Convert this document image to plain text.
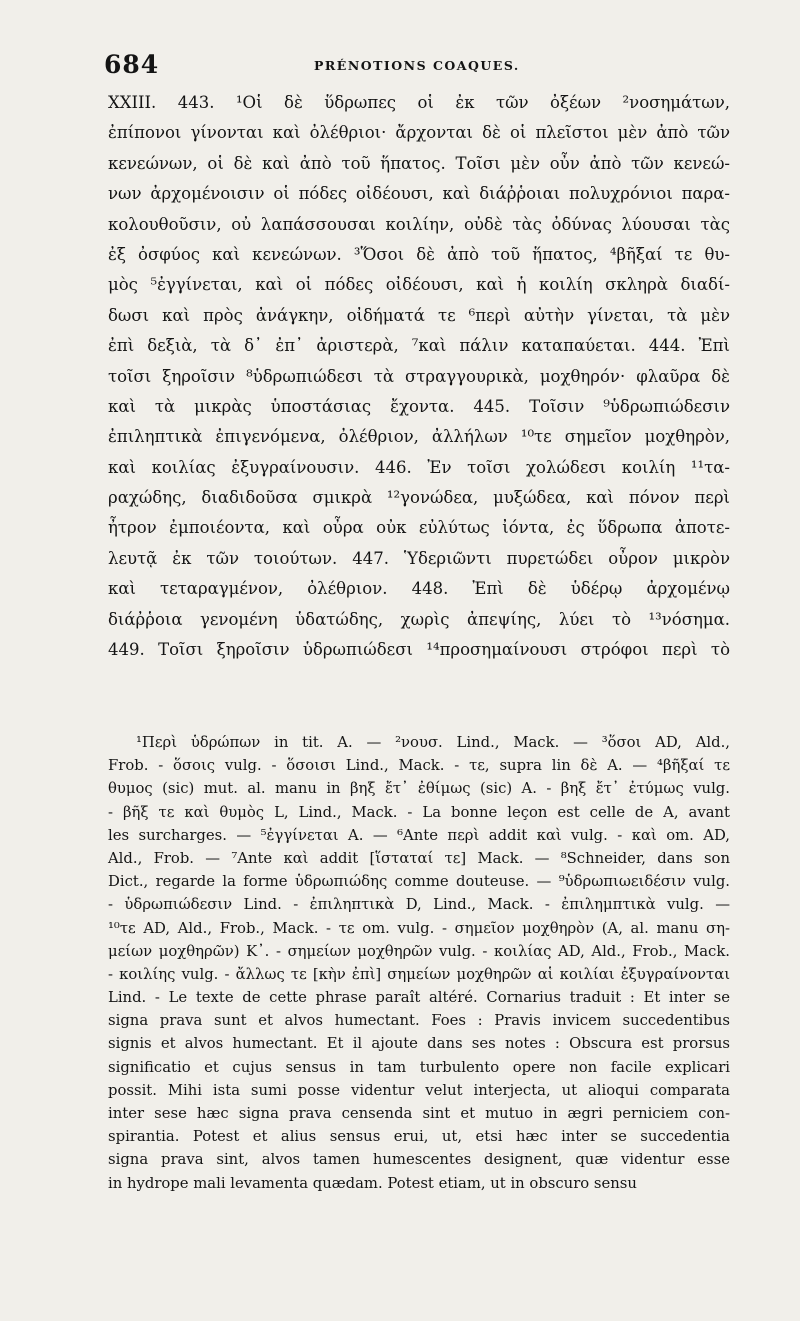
684	PRÉNOTIONS COAQUES.
XXIII. 443. ¹Οἱ δὲ ὕδρωπες οἱ ἐκ τῶν ὀξέων ²νοσημάτων,
ἐπίπονοι γίνονται καὶ ὀλέθριοι· ἄρχονται δὲ οἱ πλεῖστοι μὲν ἀπὸ τῶν
κενεώνων, οἱ δὲ καὶ ἀπὸ τοῦ ἥπατος. Τοῖσι μὲν οὖν ἀπὸ τῶν κενεώ-
νων ἀρχομένοισιν οἱ πόδες οἰδέουσι, καὶ διάῤῥοιαι πολυχρόνιοι παρα-
κολουθοῦσιν, οὐ λαπάσσουσαι κοιλίην, οὐδὲ τὰς ὀδύνας λύουσαι τὰς
ἐξ ὀσφύος καὶ κενεώνων. ³Ὅσοι δὲ ἀπὸ τοῦ ἥπατος, ⁴βῆξαί τε θυ-
μὸς ⁵ἐγγίνεται, καὶ οἱ πόδες οἰδέουσι, καὶ ἡ κοιλίη σκληρὰ διαδί-
δωσι καὶ πρὸς ἀνάγκην, οἰδήματά τε ⁶περὶ αὐτὴν γίνεται, τὰ μὲν
ἐπὶ δεξιὰ, τὰ δ᾽ ἐπ᾽ ἀριστερὰ, ⁷καὶ πάλιν καταπαύεται. 444. Ἐπὶ
τοῖσι ξηροῖσιν ⁸ὑδρωπιώδεσι τὰ στραγγουρικὰ, μοχθηρόν· φλαῦρα δὲ
καὶ τὰ μικρὰς ὑποστάσιας ἔχοντα. 445. Τοῖσιν ⁹ὑδρωπιώδεσιν
ἐπιληπτικὰ ἐπιγενόμενα, ὀλέθριον, ἀλλήλων ¹⁰τε σημεῖον μοχθηρὸν,
καὶ κοιλίας ἐξυγραίνουσιν. 446. Ἐν τοῖσι χολώδεσι κοιλίη ¹¹τα-
ραχώδης, διαδιδοῦσα σμικρὰ ¹²γονώδεα, μυξώδεα, καὶ πόνον περὶ
ἦτρον ἐμποιέοντα, καὶ οὖρα οὐκ εὐλύτως ἰόντα, ἐς ὕδρωπα ἀποτε-
λευτᾷ ἐκ τῶν τοιούτων. 447. Ὑδεριῶντι πυρετώδει οὖρον μικρὸν
καὶ τεταραγμένον, ὀλέθριον. 448. Ἐπὶ δὲ ὑδέρῳ ἀρχομένῳ
διάῤῥοια γενομένη ὑδατώδης, χωρὶς ἀπεψίης, λύει τὸ ¹³νόσημα.
449. Τοῖσι ξηροῖσιν ὑδρωπιώδεσι ¹⁴προσημαίνουσι στρόφοι περὶ τὸ
¹Περὶ ὑδρώπων in tit. A. — ²νουσ. Lind., Mack. — ³ὅσοι AD, Ald.,
Frob. - ὅσοις vulg. - ὅσοισι Lind., Mack. - τε, supra lin δὲ A. — ⁴βῆξαί τε
θυμος (sic) mut. al. manu in βηξ ἔτ᾽ ἐθίμως (sic) A. - βηξ ἔτ᾽ ἐτύμως vulg.
- βῆξ τε καὶ θυμὸς L, Lind., Mack. - La bonne leçon est celle de A, avant
les surcharges. — ⁵ἐγγίνεται A. — ⁶Ante περὶ addit καὶ vulg. - καὶ om. AD,
Ald., Frob. — ⁷Ante καὶ addit [ἵσταταί τε] Mack. — ⁸Schneider, dans son
Dict., regarde la forme ὑδρωπιώδης comme douteuse. — ⁹ὑδρωπιωειδέσιν vulg.
- ὑδρωπιώδεσιν Lind. - ἐπιληπτικὰ D, Lind., Mack. - ἐπιλημπτικὰ vulg. —
¹⁰τε AD, Ald., Frob., Mack. - τε om. vulg. - σημεῖον μοχθηρὸν (A, al. manu ση-
μείων μοχθηρῶν) K᾽. - σημείων μοχθηρῶν vulg. - κοιλίας AD, Ald., Frob., Mack.
- κοιλίης vulg. - ἄλλως τε [κὴν ἐπὶ] σημείων μοχθηρῶν αἱ κοιλίαι ἐξυγραίνονται
Lind. - Le texte de cette phrase paraît altéré. Cornarius traduit : Et inter se
signa prava sunt et alvos humectant. Foes : Pravis invicem succedentibus
signis et alvos humectant. Et il ajoute dans ses notes : Obscura est prorsus
significatio et cujus sensus in tam turbulento opere non facile explicari
possit. Mihi ista sumi posse videntur velut interjecta, ut alioqui comparata
inter sese hæc signa prava censenda sint et mutuo in ægri perniciem con-
spirantia. Potest et alius sensus erui, ut, etsi hæc inter se succedentia
signa prava sint, alvos tamen humescentes designent, quæ videntur esse
in hydrope mali levamenta quædam. Potest etiam, ut in obscuro sensu
